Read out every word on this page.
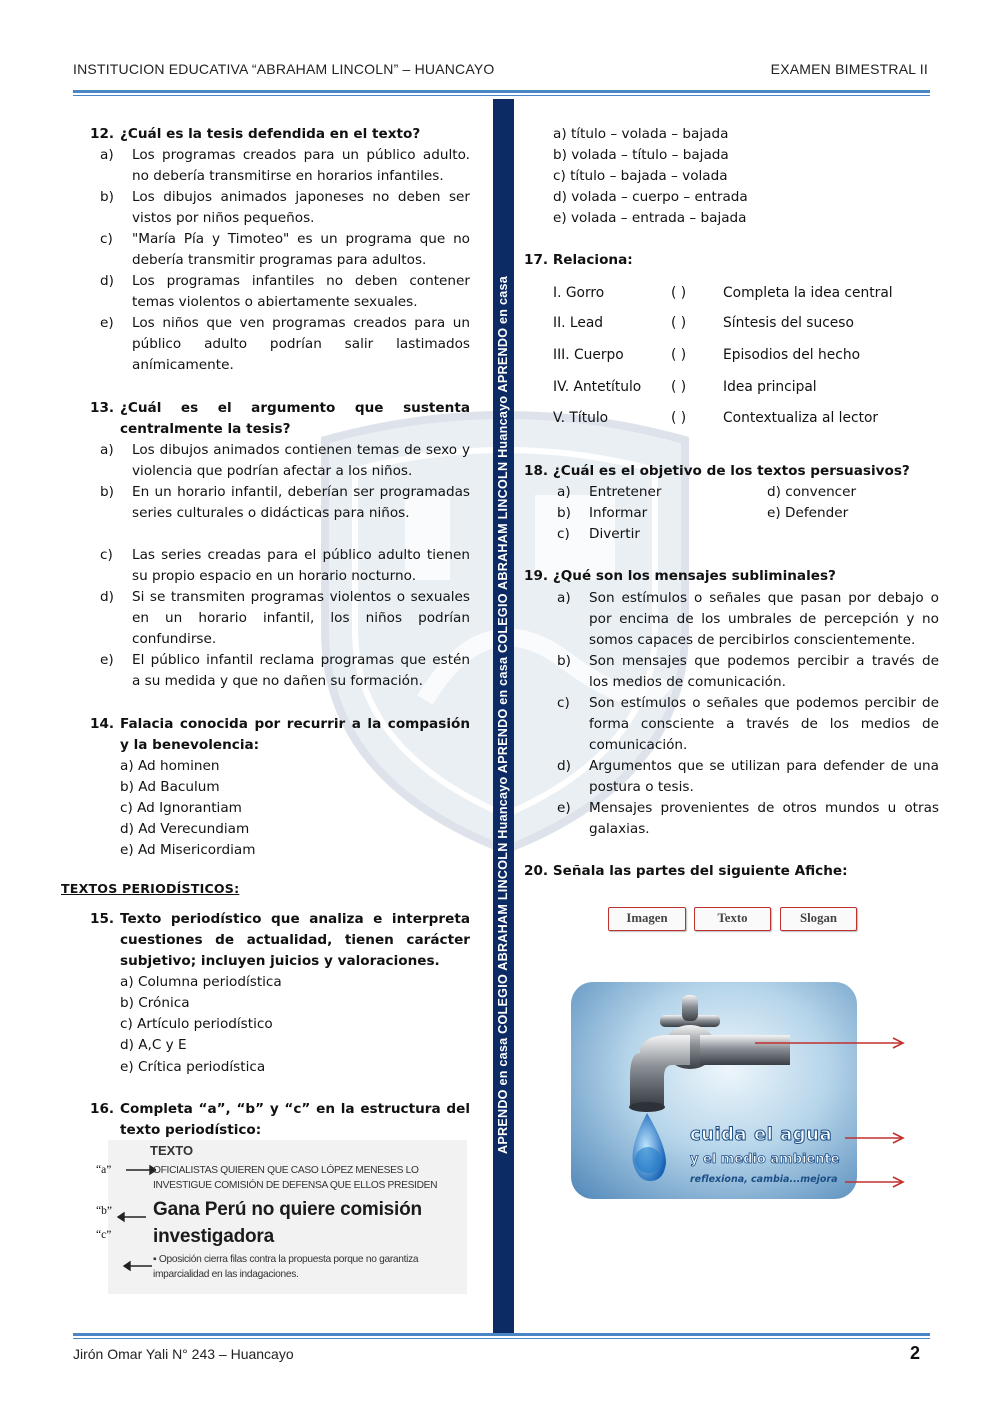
INSTITUCION EDUCATIVA “ABRAHAM LINCOLN” – HUANCAYO	EXAMEN BIMESTRAL II
APRENDO en casa COLEGIO ABRAHAM LINCOLN Huancayo APRENDO en casa COLEGIO ABRAHAM LINCOLN Huancayo APRENDO en casa
12. ¿Cuál es la tesis defendida en el texto?
a) Los programas creados para un público adulto. no debería transmitirse en horarios infantiles.
b) Los dibujos animados japoneses no deben ser vistos por niños pequeños.
c) "María Pía y Timoteo" es un programa que no debería transmitir programas para adultos.
d) Los programas infantiles no deben contener temas violentos o abiertamente sexuales.
e) Los niños que ven programas creados para un público adulto podrían salir lastimados anímicamente.
13. ¿Cuál es el argumento que sustenta centralmente la tesis?
a) Los dibujos animados contienen temas de sexo y violencia que podrían afectar a los niños.
b) En un horario infantil, deberían ser programadas series culturales o didácticas para niños.
c) Las series creadas para el público adulto tienen su propio espacio en un horario nocturno.
d) Si se transmiten programas violentos o sexuales en un horario infantil, los niños podrían confundirse.
e) El público infantil reclama programas que estén a su medida y que no dañen su formación.
14. Falacia conocida por recurrir a la compasión y la benevolencia:
a) Ad hominen
b) Ad Baculum
c) Ad Ignorantiam
d) Ad Verecundiam
e) Ad Misericordiam
TEXTOS PERIODÍSTICOS:
15. Texto periodístico que analiza e interpreta cuestiones de actualidad, tienen carácter subjetivo; incluyen juicios y valoraciones.
a) Columna periodística
b) Crónica
c) Artículo periodístico
d) A,C y E
e) Crítica periodística
16. Completa “a”, “b” y “c” en la estructura del texto periodístico:
TEXTO
“a”
“b”
“c”
OFICIALISTAS QUIEREN QUE CASO LÓPEZ MENESES LO INVESTIGUE COMISIÓN DE DEFENSA QUE ELLOS PRESIDEN
Gana Perú no quiere comisión investigadora
▪ Oposición cierra filas contra la propuesta porque no garantiza imparcialidad en las indagaciones.
a) título – volada – bajada
b) volada – título – bajada
c) título – bajada – volada
d) volada – cuerpo – entrada
e) volada – entrada – bajada
17. Relaciona:
I. Gorro	( )	Completa la idea central
II. Lead	( )	Síntesis del suceso
III. Cuerpo	( )	Episodios del hecho
IV. Antetítulo ( )	Idea principal
V. Título	( )	Contextualiza al lector
18. ¿Cuál es el objetivo de los textos persuasivos?
a) Entretener
b) Informar
c) Divertir
d) convencer
e) Defender
19. ¿Qué son los mensajes subliminales?
a) Son estímulos o señales que pasan por debajo o por encima de los umbrales de percepción y no somos capaces de percibirlos conscientemente.
b) Son mensajes que podemos percibir a través de los medios de comunicación.
c) Son estímulos o señales que podemos percibir de forma consciente a través de los medios de comunicación.
d) Argumentos que se utilizan para defender de una postura o tesis.
e) Mensajes provenientes de otros mundos u otras galaxias.
20. Señala las partes del siguiente Afiche:
Imagen	Texto	Slogan
cuida el agua
y el medio ambiente
reflexiona, cambia...mejora
Jirón Omar Yali N° 243 – Huancayo	2
